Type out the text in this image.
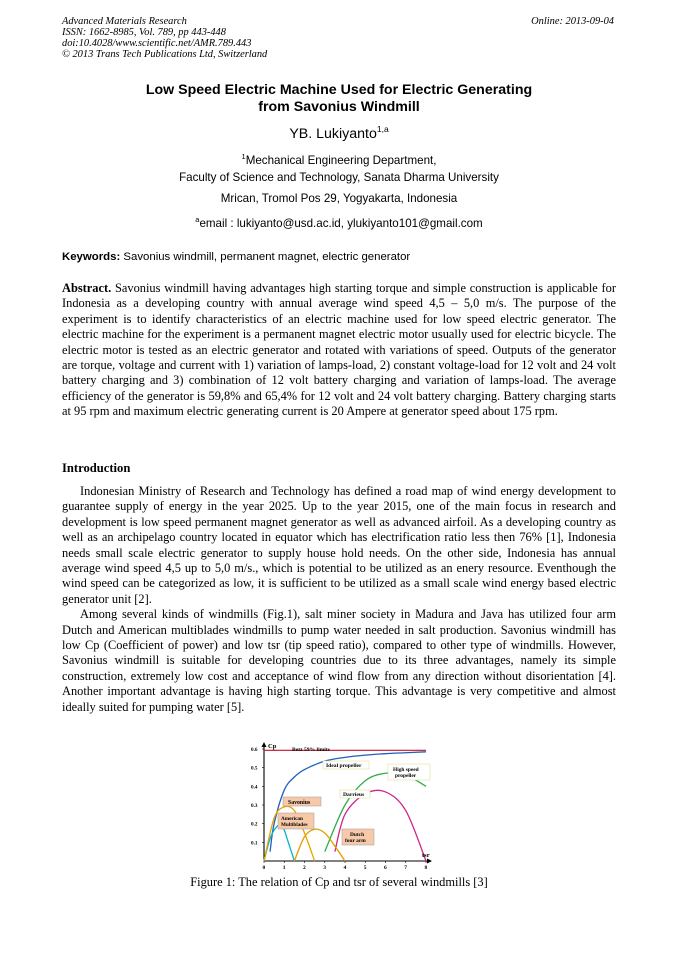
Advanced Materials Research
ISSN: 1662-8985, Vol. 789, pp 443-448
doi:10.4028/www.scientific.net/AMR.789.443
© 2013 Trans Tech Publications Ltd, Switzerland
Online: 2013-09-04
Low Speed Electric Machine Used for Electric Generating
from Savonius Windmill
YB. Lukiyanto$^{1,a}$
$^1$Mechanical Engineering Department,
Faculty of Science and Technology, Sanata Dharma University
Mrican, Tromol Pos 29, Yogyakarta, Indonesia
$^a$email : lukiyanto@usd.ac.id, ylukiyanto101@gmail.com
Keywords: Savonius windmill, permanent magnet, electric generator
Abstract. Savonius windmill having advantages high starting torque and simple construction is applicable for Indonesia as a developing country with annual average wind speed 4,5 – 5,0 m/s. The purpose of the experiment is to identify characteristics of an electric machine used for low speed electric generator. The electric machine for the experiment is a permanent magnet electric motor usually used for electric bicycle. The electric motor is tested as an electric generator and rotated with variations of speed. Outputs of the generator are torque, voltage and current with 1) variation of lamps-load, 2) constant voltage-load for 12 volt and 24 volt battery charging and 3) combination of 12 volt battery charging and variation of lamps-load. The average efficiency of the generator is 59,8% and 65,4% for 12 volt and 24 volt battery charging. Battery charging starts at 95 rpm and maximum electric generating current is 20 Ampere at generator speed about 175 rpm.
Introduction

Indonesian Ministry of Research and Technology has defined a road map of wind energy development to guarantee supply of energy in the year 2025. Up to the year 2015, one of the main focus in research and development is low speed permanent magnet generator as well as advanced airfoil. As a developing country as well as an archipelago country located in equator which has electrification ratio less then 76% [1], Indonesia needs small scale electric generator to supply house hold needs. On the other side, Indonesia has annual average wind speed 4,5 up to 5,0 m/s., which is potential to be utilized as an enery resource. Eventhough the wind speed can be categorized as low, it is sufficient to be utilized as a small scale wind energy based electric generator unit [2].

Among several kinds of windmills (Fig.1), salt miner society in Madura and Java has utilized four arm Dutch and American multiblades windmills to pump water needed in salt production. Savonius windmill has low Cp (Coefficient of power) and low tsr (tip speed ratio), compared to other type of windmills. However, Savonius windmill is suitable for developing countries due to its three advantages, namely its simple construction, extremely low cost and acceptance of wind flow from any direction without disorientation [4]. Another important advantage is having high starting torque. This advantage is very competitive and almost ideally suited for pumping water [5].

0	1	2	3	4	5	6	7	8
0.1
0.2
0.3
0.4
0.5
0.6	Betz 59% limits
Ideal propeller
High speed
propeller
Darrieus
Savonius
American
Multiblades
Dutch
four arm
Cp
tsr
Figure 1: The relation of Cp and tsr of several windmills [3]
